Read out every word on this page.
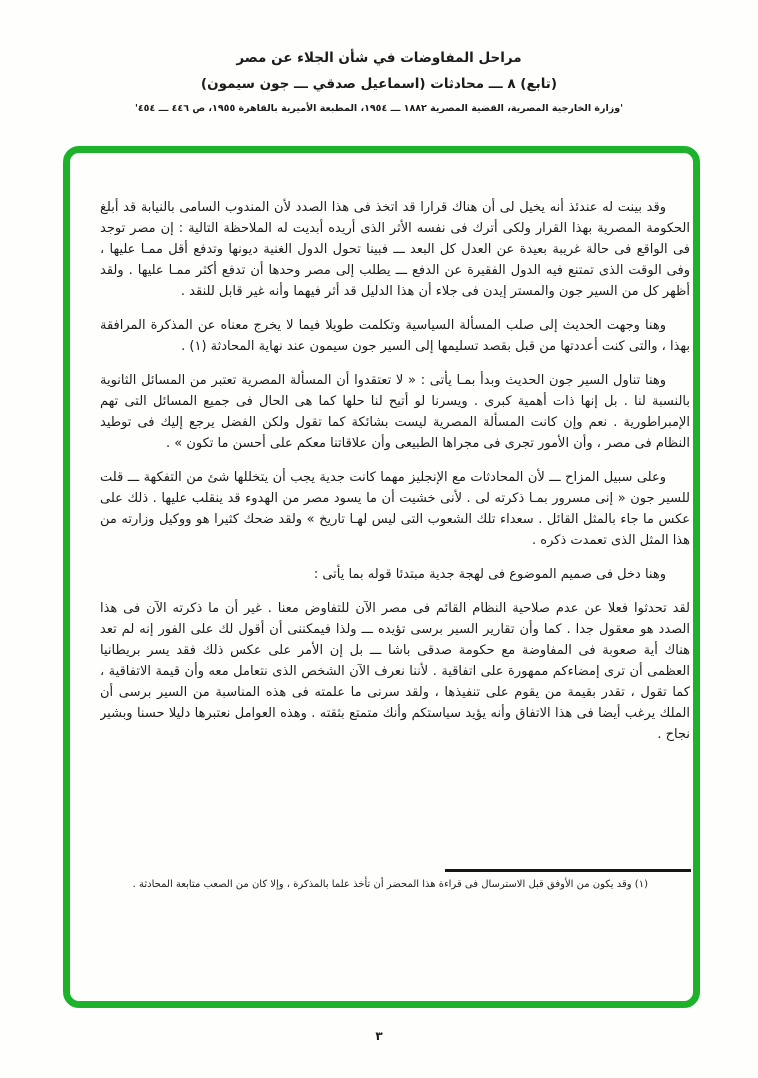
مراحل المفاوضات في شأن الجلاء عن مصر
(تابع) ٨ ـــ محادثات (اسماعيل صدقي ـــ جون سيمون)
'وزارة الخارجية المصرية، القضية المصرية ١٨٨٢ ـــ ١٩٥٤، المطبعة الأميرية بالقاهرة ١٩٥٥، ص ٤٤٦ ـــ ٤٥٤'

وقد بينت له عندئذ أنه يخيل لى أن هناك قرارا قد اتخذ فى هذا الصدد لأن المندوب السامى بالنيابة قد أبلغ الحكومة المصرية بهذا القرار ولكى أترك فى نفسه الأثر الذى أريده أبديت له الملاحظة التالية : إن مصر توجد فى الواقع فى حالة غريبة بعيدة عن العدل كل البعد ـــ فبينا تحول الدول الغنية ديونها وتدفع أقل ممـا عليها ، وفى الوقت الذى تمتنع فيه الدول الفقيرة عن الدفع ـــ يطلب إلى مصر وحدها أن تدفع أكثر ممـا عليها . ولقد أظهر كل من السير جون والمستر إيدن فى جلاء أن هذا الدليل قد أثر فيهما وأنه غير قابل للنقد .

وهنا وجهت الحديث إلى صلب المسألة السياسية وتكلمت طويلا فيما لا يخرج معناه عن المذكرة المرافقة بهذا ، والتى كنت أعددتها من قبل بقصد تسليمها إلى السير جون سيمون عند نهاية المحادثة (١) .

وهنا تناول السير جون الحديث وبدأ بمـا يأتى : « لا تعتقدوا أن المسألة المصرية تعتبر من المسائل الثانوية بالنسبة لنا . بل إنها ذات أهمية كبرى . ويسرنا لو أتيح لنا حلها كما هى الحال فى جميع المسائل التى تهم الإمبراطورية . نعم وإن كانت المسألة المصرية ليست بشائكة كما تقول ولكن الفضل يرجع إليك فى توطيد النظام فى مصر ، وأن الأمور تجرى فى مجراها الطبيعى وأن علاقاتنا معكم على أحسن ما تكون » .

وعلى سبيل المزاح ـــ لأن المحادثات مع الإنجليز مهما كانت جدية يجب أن يتخللها شئ من التفكهة ـــ قلت للسير جون « إنى مسرور بمـا ذكرته لى . لأنى خشيت أن ما يسود مصر من الهدوء قد ينقلب عليها . ذلك على عكس ما جاء بالمثل القائل . سعداء تلك الشعوب التى ليس لهـا تاريخ » ولقد ضحك كثيرا هو ووكيل وزارته من هذا المثل الذى تعمدت ذكره .

وهنا دخل فى صميم الموضوع فى لهجة جدية مبتدئا قوله بما يأتى :

لقد تحدثوا فعلا عن عدم صلاحية النظام القائم فى مصر الآن للتفاوض معنا . غير أن ما ذكرته الآن فى هذا الصدد هو معقول جدا . كما وأن تقارير السير برسى تؤيده ـــ ولذا فيمكننى أن أقول لك على الفور إنه لم تعد هناك أية صعوبة فى المفاوضة مع حكومة صدقى باشا ـــ بل إن الأمر على عكس ذلك فقد يسر بريطانيا العظمى أن ترى إمضاءكم ممهورة على اتفاقية . لأننا نعرف الآن الشخص الذى نتعامل معه وأن قيمة الاتفاقية ، كما تقول ، تقدر بقيمة من يقوم على تنفيذها ، ولقد سرنى ما علمته فى هذه المناسبة من السير برسى أن الملك يرغب أيضا فى هذا الاتفاق وأنه يؤيد سياستكم وأنك متمتع بثقته . وهذه العوامل نعتبرها دليلا حسنا وبشير نجاح .

(١) وقد يكون من الأوفق قبل الاسترسال فى قراءة هذا المحضر أن تأخذ علما بالمذكرة ، وإلا كان من الصعب متابعة المحادثة .
٣
